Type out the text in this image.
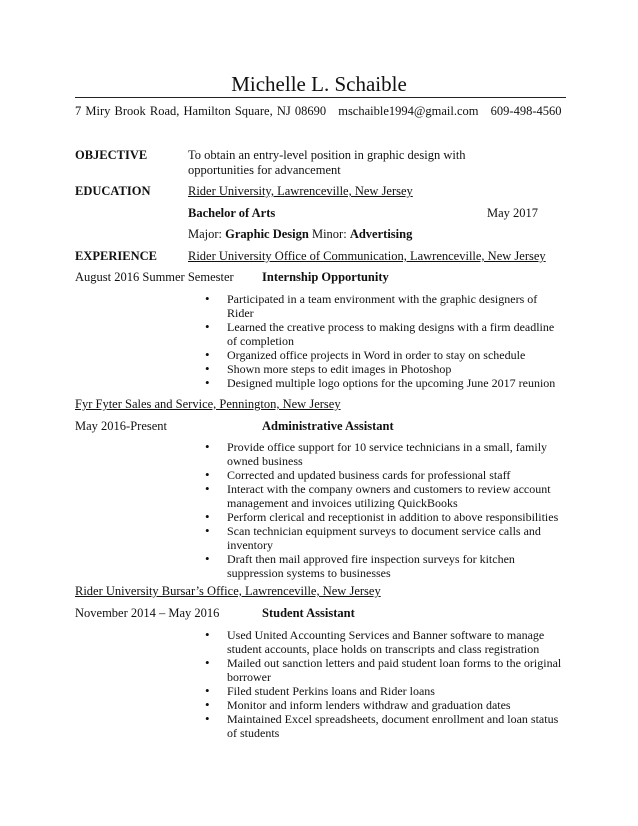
Michelle L. Schaible
7 Miry Brook Road, Hamilton Square, NJ 08690 mschaible1994@gmail.com 609-498-4560
OBJECTIVE	To obtain an entry-level position in graphic design with opportunities for advancement
EDUCATION	Rider University, Lawrenceville, New Jersey
Bachelor of Arts	May 2017
Major: Graphic Design Minor: Advertising
EXPERIENCE Rider University Office of Communication, Lawrenceville, New Jersey
August 2016 Summer Semester Internship Opportunity
• Participated in a team environment with the graphic designers of Rider
• Learned the creative process to making designs with a firm deadline of completion
• Organized office projects in Word in order to stay on schedule
• Shown more steps to edit images in Photoshop
• Designed multiple logo options for the upcoming June 2017 reunion
Fyr Fyter Sales and Service, Pennington, New Jersey
May 2016-Present	Administrative Assistant
• Provide office support for 10 service technicians in a small, family owned business
• Corrected and updated business cards for professional staff
• Interact with the company owners and customers to review account management and invoices utilizing QuickBooks
• Perform clerical and receptionist in addition to above responsibilities
• Scan technician equipment surveys to document service calls and inventory
• Draft then mail approved fire inspection surveys for kitchen suppression systems to businesses
Rider University Bursar’s Office, Lawrenceville, New Jersey
November 2014 – May 2016	Student Assistant
• Used United Accounting Services and Banner software to manage student accounts, place holds on transcripts and class registration
• Mailed out sanction letters and paid student loan forms to the original borrower
• Filed student Perkins loans and Rider loans
• Monitor and inform lenders withdraw and graduation dates
• Maintained Excel spreadsheets, document enrollment and loan status of students
